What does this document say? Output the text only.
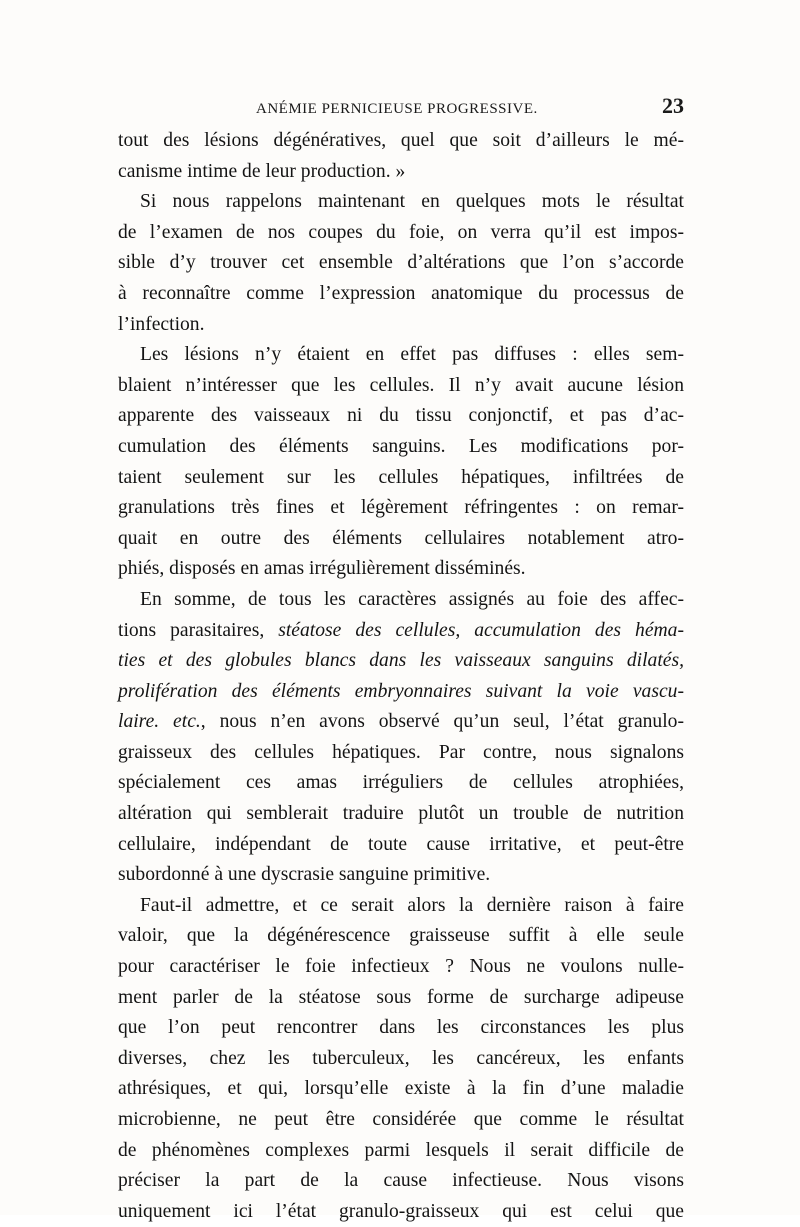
ANÉMIE PERNICIEUSE PROGRESSIVE.	23

tout des lésions dégénératives, quel que soit d’ailleurs le mé-
canisme intime de leur production. »

Si nous rappelons maintenant en quelques mots le résultat
de l’examen de nos coupes du foie, on verra qu’il est impos-
sible d’y trouver cet ensemble d’altérations que l’on s’accorde
à reconnaître comme l’expression anatomique du processus de
l’infection.

Les lésions n’y étaient en effet pas diffuses : elles sem-
blaient n’intéresser que les cellules. Il n’y avait aucune lésion
apparente des vaisseaux ni du tissu conjonctif, et pas d’ac-
cumulation des éléments sanguins. Les modifications por-
taient seulement sur les cellules hépatiques, infiltrées de
granulations très fines et légèrement réfringentes : on remar-
quait en outre des éléments cellulaires notablement atro-
phiés, disposés en amas irrégulièrement disséminés.

En somme, de tous les caractères assignés au foie des affec-
tions parasitaires, stéatose des cellules, accumulation des héma-
ties et des globules blancs dans les vaisseaux sanguins dilatés,
prolifération des éléments embryonnaires suivant la voie vascu-
laire. etc., nous n’en avons observé qu’un seul, l’état granulo-
graisseux des cellules hépatiques. Par contre, nous signalons
spécialement ces amas irréguliers de cellules atrophiées,
altération qui semblerait traduire plutôt un trouble de nutrition
cellulaire, indépendant de toute cause irritative, et peut-être
subordonné à une dyscrasie sanguine primitive.

Faut-il admettre, et ce serait alors la dernière raison à faire
valoir, que la dégénérescence graisseuse suffit à elle seule
pour caractériser le foie infectieux ? Nous ne voulons nulle-
ment parler de la stéatose sous forme de surcharge adipeuse
que l’on peut rencontrer dans les circonstances les plus
diverses, chez les tuberculeux, les cancéreux, les enfants
athrésiques, et qui, lorsqu’elle existe à la fin d’une maladie
microbienne, ne peut être considérée que comme le résultat
de phénomènes complexes parmi lesquels il serait difficile de
préciser la part de la cause infectieuse. Nous visons
uniquement ici l’état granulo-graisseux qui est celui que
